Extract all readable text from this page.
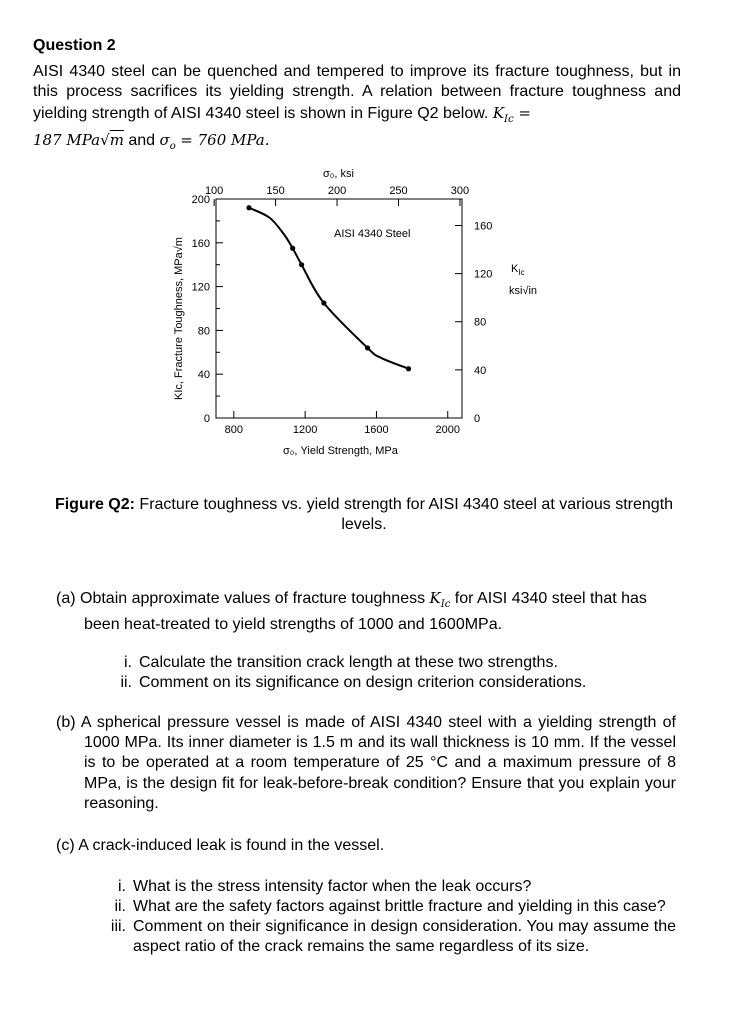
Question 2
AISI 4340 steel can be quenched and tempered to improve its fracture toughness, but in this process sacrifices its yielding strength. A relation between fracture toughness and yielding strength of AISI 4340 steel is shown in Figure Q2 below. $K_{Ic}$ =
187 MPa√m and $\sigma_o = 760$ MPa.
0
40
80
120
160
200
800	1200	1600	2000
100	150	200	250	300
0
40
80
120
160
AISI 4340 Steel
σ₀, ksi
σ₀, Yield Strength, MPa
KIc, Fracture Toughness, MPa√m	$K_{Ic}$
ksi√in
Figure Q2: Fracture toughness vs. yield strength for AISI 4340 steel at various strength levels.
(a) Obtain approximate values of fracture toughness $K_{Ic}$ for AISI 4340 steel that has been heat-treated to yield strengths of 1000 and 1600MPa.
i. Calculate the transition crack length at these two strengths.
ii. Comment on its significance on design criterion considerations.
(b) A spherical pressure vessel is made of AISI 4340 steel with a yielding strength of 1000 MPa. Its inner diameter is 1.5 m and its wall thickness is 10 mm. If the vessel is to be operated at a room temperature of 25 °C and a maximum pressure of 8 MPa, is the design fit for leak-before-break condition? Ensure that you explain your reasoning.
(c) A crack-induced leak is found in the vessel.
i. What is the stress intensity factor when the leak occurs?
ii. What are the safety factors against brittle fracture and yielding in this case?
iii. Comment on their significance in design consideration. You may assume the aspect ratio of the crack remains the same regardless of its size.
